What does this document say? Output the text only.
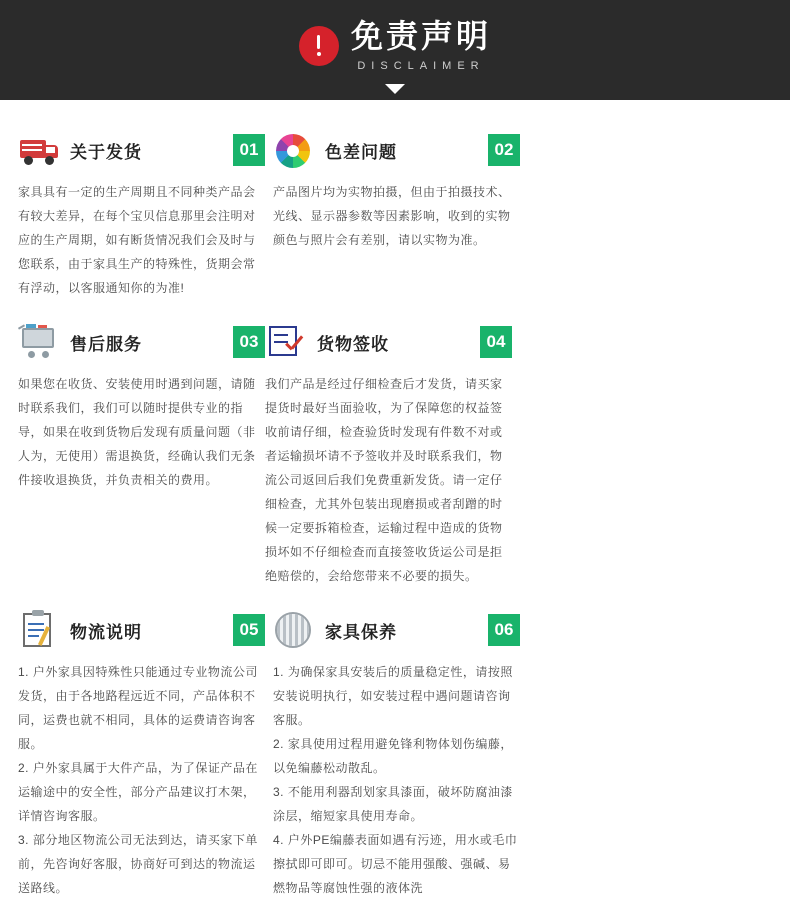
免责声明
DISCLAIMER
关于发货	01

家具具有一定的生产周期且不同种类产品会有较大差异，在每个宝贝信息那里会注明对应的生产周期，如有断货情况我们会及时与您联系，由于家具生产的特殊性，货期会常有浮动，以客服通知你的为准!

色差问题	02

产品图片均为实物拍摄，但由于拍摄技术、光线、显示器参数等因素影响，收到的实物颜色与照片会有差别，请以实物为准。

售后服务	03

如果您在收货、安装使用时遇到问题，请随时联系我们，我们可以随时提供专业的指导，如果在收到货物后发现有质量问题（非人为，无使用）需退换货，经确认我们无条件接收退换货，并负责相关的费用。

货物签收	04

我们产品是经过仔细检查后才发货，请买家提货时最好当面验收，为了保障您的权益签收前请仔细，检查验货时发现有件数不对或者运输损坏请不予签收并及时联系我们，物流公司返回后我们免费重新发货。请一定仔细检查，尤其外包装出现磨损或者刮蹭的时候一定要拆箱检查，运输过程中造成的货物损坏如不仔细检查而直接签收货运公司是拒绝赔偿的，会给您带来不必要的损失。

物流说明	05

1. 户外家具因特殊性只能通过专业物流公司发货，由于各地路程远近不同，产品体积不同，运费也就不相同，具体的运费请咨询客服。

2. 户外家具属于大件产品，为了保证产品在运输途中的安全性，部分产品建议打木架，详情咨询客服。

3. 部分地区物流公司无法到达，请买家下单前，先咨询好客服，协商好可到达的物流运送路线。

家具保养	06

1. 为确保家具安装后的质量稳定性，请按照安装说明执行，如安装过程中遇问题请咨询客服。

2. 家具使用过程用避免锋利物体划伤编藤，以免编藤松动散乱。

3. 不能用利器刮划家具漆面，破坏防腐油漆涂层，缩短家具使用寿命。

4. 户外PE编藤表面如遇有污迹，用水或毛巾擦拭即可即可。切忌不能用强酸、强碱、易燃物品等腐蚀性强的液体洗
